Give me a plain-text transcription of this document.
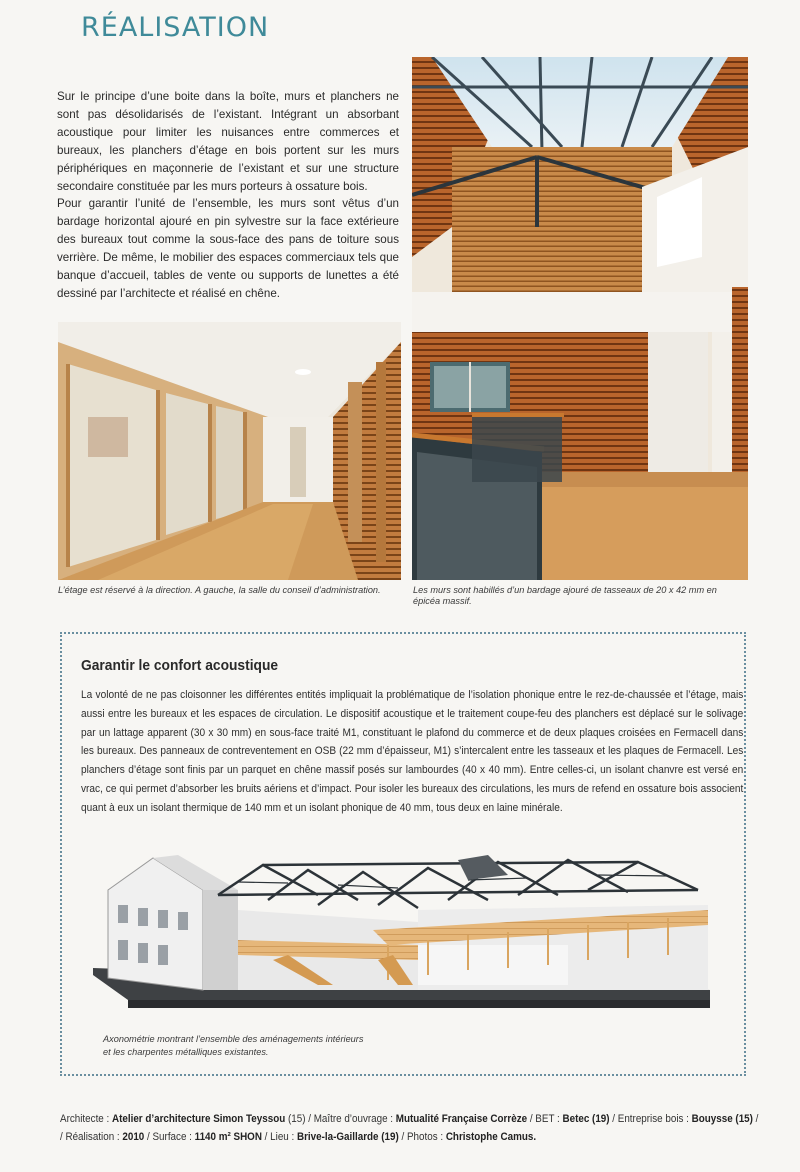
RÉALISATION

Sur le principe d’une boite dans la boîte, murs et planchers ne sont pas désolidarisés de l’existant. Intégrant un absorbant acoustique pour limiter les nuisances entre commerces et bureaux, les planchers d’étage en bois portent sur les murs périphériques en maçonnerie de l’existant et sur une structure secondaire constituée par les murs porteurs à ossature bois.

Pour garantir l’unité de l’ensemble, les murs sont vêtus d’un bardage horizontal ajouré en pin sylvestre sur la face extérieure des bureaux tout comme la sous-face des pans de toiture sous verrière. De même, le mobilier des espaces commerciaux tels que banque d’accueil, tables de vente ou supports de lunettes a été dessiné par l’architecte et réalisé en chêne.

L’étage est réservé à la direction. A gauche, la salle du conseil d’administration.	Les murs sont habillés d’un bardage ajouré de tasseaux de 20 x 42 mm en épicéa massif.
Garantir le confort acoustique
La volonté de ne pas cloisonner les différentes entités impliquait la problématique de l’isolation phonique entre le rez-de-chaussée et l’étage, mais aussi entre les bureaux et les espaces de circulation. Le dispositif acoustique et le traitement coupe-feu des planchers est déplacé sur le solivage par un lattage apparent (30 x 30 mm) en sous-face traité M1, constituant le plafond du commerce et de deux plaques croisées en Fermacell dans les bureaux. Des panneaux de contreventement en OSB (22 mm d’épaisseur, M1) s’intercalent entre les tasseaux et les plaques de Fermacell. Les planchers d’étage sont finis par un parquet en chêne massif posés sur lambourdes (40 x 40 mm). Entre celles-ci, un isolant chanvre est versé en vrac, ce qui permet d’absorber les bruits aériens et d’impact. Pour isoler les bureaux des circulations, les murs de refend en ossature bois associent quant à eux un isolant thermique de 140 mm et un isolant phonique de 40 mm, tous deux en laine minérale.
Axonométrie montrant l’ensemble des aménagements intérieurs
et les charpentes métalliques existantes.
Architecte : Atelier d’architecture Simon Teyssou (15) / Maître d’ouvrage : Mutualité Française Corrèze / BET : Betec (19) / Entreprise bois : Bouysse (15) /
/ Réalisation : 2010 / Surface : 1140 m² SHON / Lieu : Brive-la-Gaillarde (19) / Photos : Christophe Camus.
